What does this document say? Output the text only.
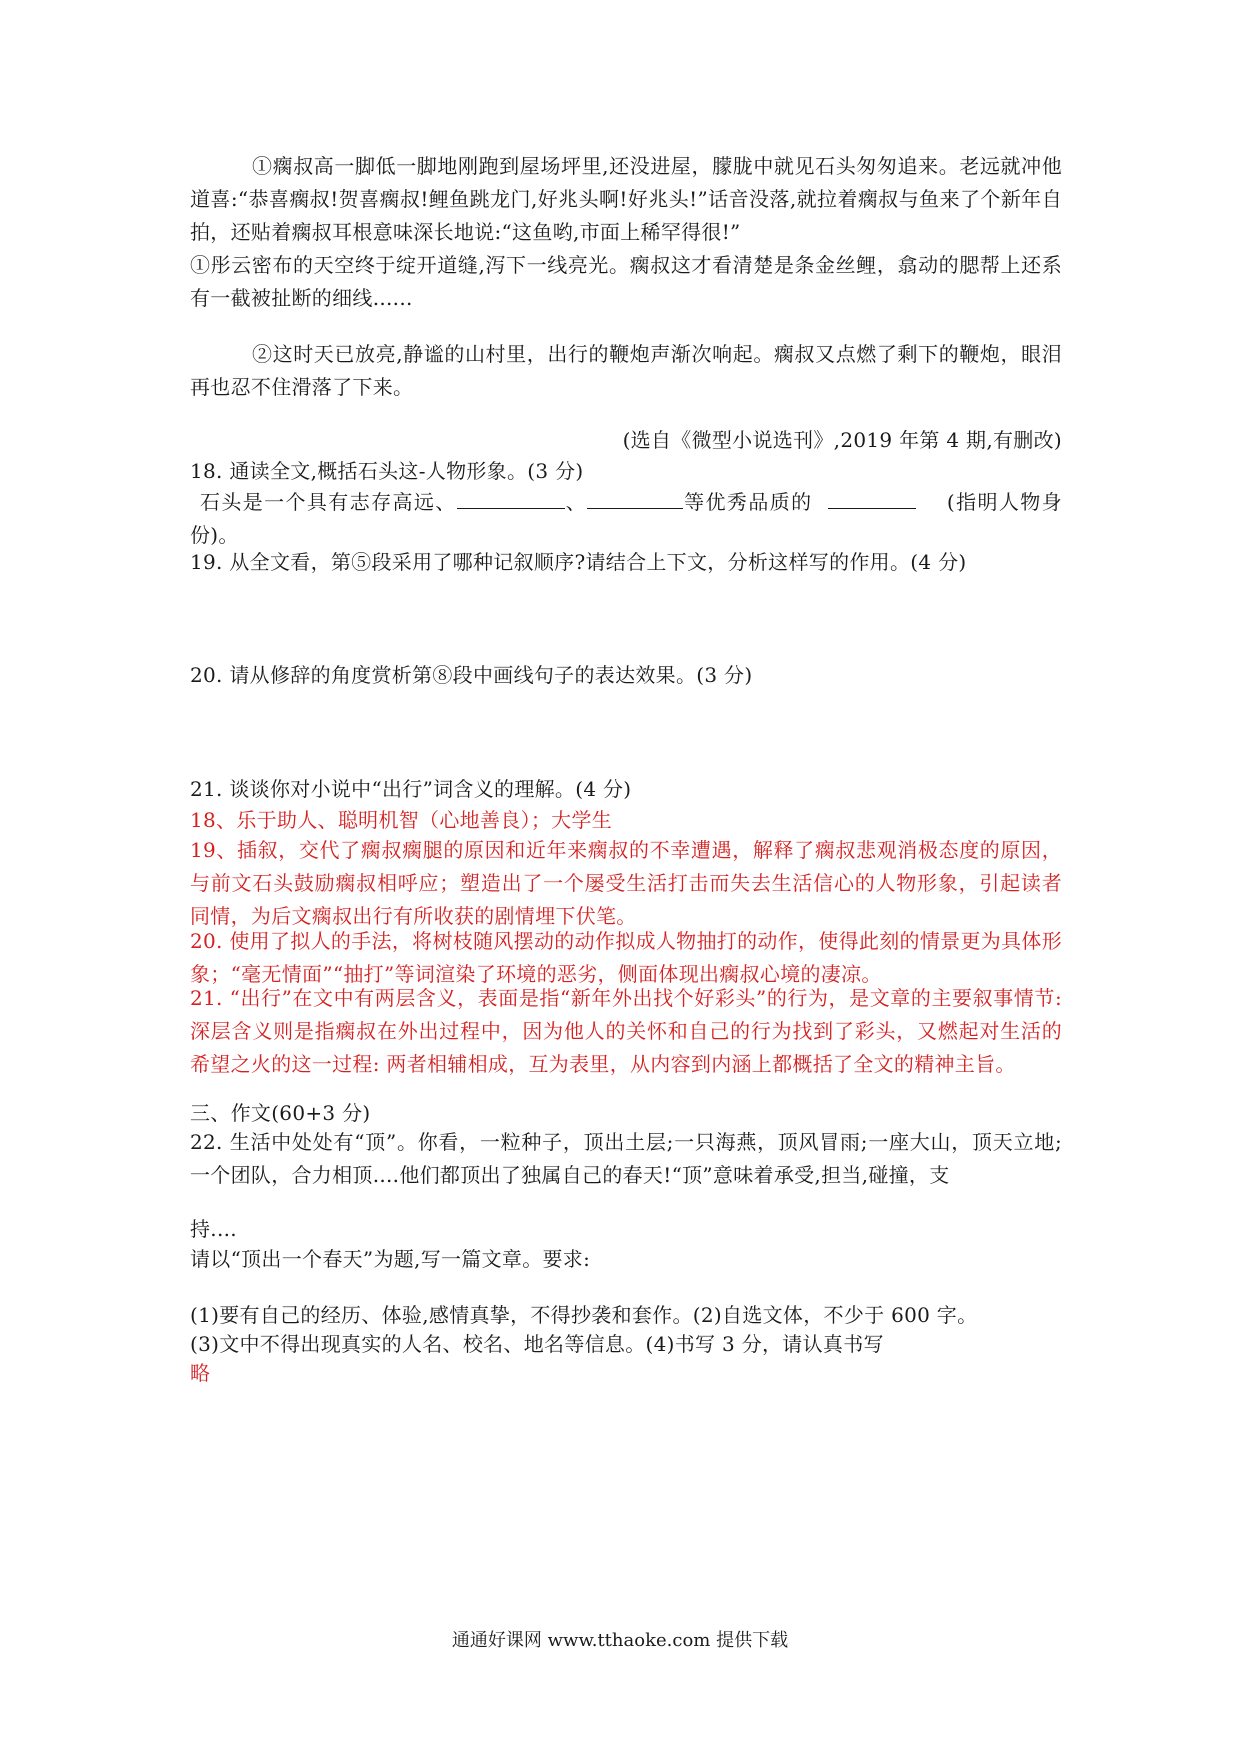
①瘸叔高一脚低一脚地刚跑到屋场坪里,还没进屋，朦胧中就见石头匆匆追来。老远就冲他道喜:“恭喜瘸叔!贺喜瘸叔!鲤鱼跳龙门,好兆头啊!好兆头!”话音没落,就拉着瘸叔与鱼来了个新年自拍，还贴着瘸叔耳根意味深长地说:“这鱼哟,市面上稀罕得很!”

①彤云密布的天空终于绽开道缝,泻下一线亮光。瘸叔这才看清楚是条金丝鲤，翕动的腮帮上还系有一截被扯断的细线......

②这时天已放亮,静谧的山村里，出行的鞭炮声渐次响起。瘸叔又点燃了剩下的鞭炮，眼泪再也忍不住滑落了下来。

(选自《微型小说选刊》,2019 年第 4 期,有删改)

18. 通读全文,概括石头这-人物形象。(3 分)

石头是一个具有志存高远、	、	等优秀品质的	(指明人物身份)。

19. 从全文看，第⑤段采用了哪种记叙顺序?请结合上下文，分析这样写的作用。(4 分)

20. 请从修辞的角度赏析第⑧段中画线句子的表达效果。(3 分)

21. 谈谈你对小说中“出行”词含义的理解。(4 分)

18、乐于助人、聪明机智（心地善良）；大学生

19、插叙，交代了瘸叔瘸腿的原因和近年来瘸叔的不幸遭遇，解释了瘸叔悲观消极态度的原因，与前文石头鼓励瘸叔相呼应；塑造出了一个屡受生活打击而失去生活信心的人物形象，引起读者同情，为后文瘸叔出行有所收获的剧情埋下伏笔。

20. 使用了拟人的手法，将树枝随风摆动的动作拟成人物抽打的动作，使得此刻的情景更为具体形象；“毫无情面”“抽打”等词渲染了环境的恶劣，侧面体现出瘸叔心境的凄凉。

21. “出行”在文中有两层含义，表面是指“新年外出找个好彩头”的行为，是文章的主要叙事情节:深层含义则是指瘸叔在外出过程中，因为他人的关怀和自己的行为找到了彩头，又燃起对生活的希望之火的这一过程: 两者相辅相成，互为表里，从内容到内涵上都概括了全文的精神主旨。

三、作文(60+3 分)

22. 生活中处处有“顶”。你看，一粒种子，顶出土层;一只海燕，顶风冒雨;一座大山，顶天立地;一个团队，合力相顶....他们都顶出了独属自己的春天!“顶”意味着承受,担当,碰撞，支

持....

请以“顶出一个春天”为题,写一篇文章。要求:

(1)要有自己的经历、体验,感情真挚，不得抄袭和套作。(2)自选文体，不少于 600 字。

(3)文中不得出现真实的人名、校名、地名等信息。(4)书写 3 分，请认真书写

略

通通好课网 www.tthaoke.com 提供下载
